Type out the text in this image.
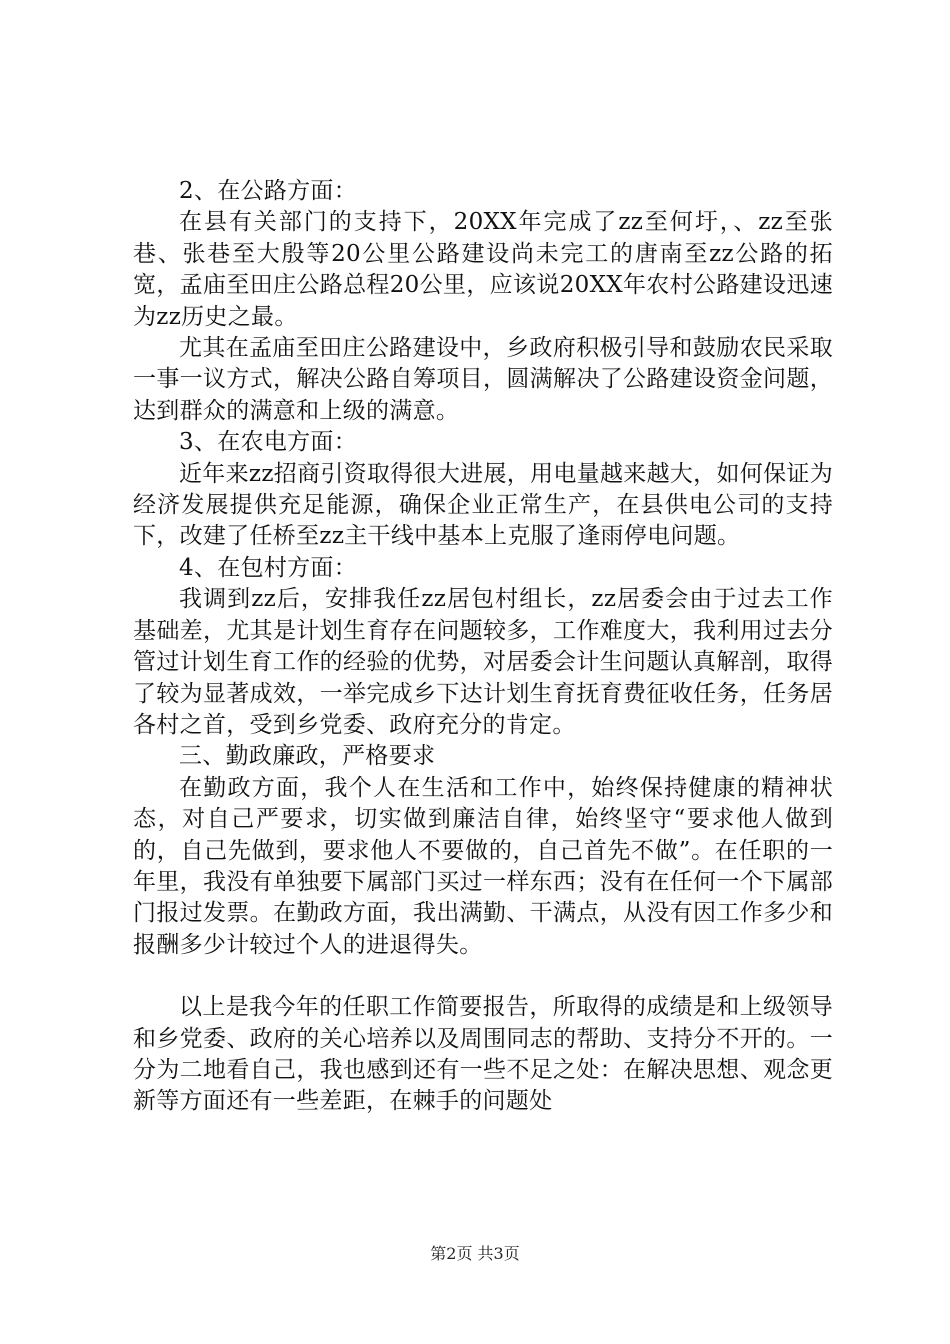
2、在公路方面：

在县有关部门的支持下，20XX年完成了zz至何圩，、zz至张巷、张巷至大殷等20公里公路建设尚未完工的唐南至zz公路的拓宽，孟庙至田庄公路总程20公里，应该说20XX年农村公路建设迅速为zz历史之最。

尤其在孟庙至田庄公路建设中，乡政府积极引导和鼓励农民采取一事一议方式，解决公路自筹项目，圆满解决了公路建设资金问题，达到群众的满意和上级的满意。

3、在农电方面：

近年来zz招商引资取得很大进展，用电量越来越大，如何保证为经济发展提供充足能源，确保企业正常生产，在县供电公司的支持下，改建了任桥至zz主干线中基本上克服了逢雨停电问题。

4、在包村方面：

我调到zz后，安排我任zz居包村组长，zz居委会由于过去工作基础差，尤其是计划生育存在问题较多，工作难度大，我利用过去分管过计划生育工作的经验的优势，对居委会计生问题认真解剖，取得了较为显著成效，一举完成乡下达计划生育抚育费征收任务，任务居各村之首，受到乡党委、政府充分的肯定。

三、勤政廉政，严格要求

在勤政方面，我个人在生活和工作中，始终保持健康的精神状态，对自己严要求，切实做到廉洁自律，始终坚守“要求他人做到的，自己先做到，要求他人不要做的，自己首先不做”。在任职的一年里，我没有单独要下属部门买过一样东西；没有在任何一个下属部门报过发票。在勤政方面，我出满勤、干满点，从没有因工作多少和报酬多少计较过个人的进退得失。

以上是我今年的任职工作简要报告，所取得的成绩是和上级领导和乡党委、政府的关心培养以及周围同志的帮助、支持分不开的。一分为二地看自己，我也感到还有一些不足之处：在解决思想、观念更新等方面还有一些差距，在棘手的问题处

第2页 共3页
